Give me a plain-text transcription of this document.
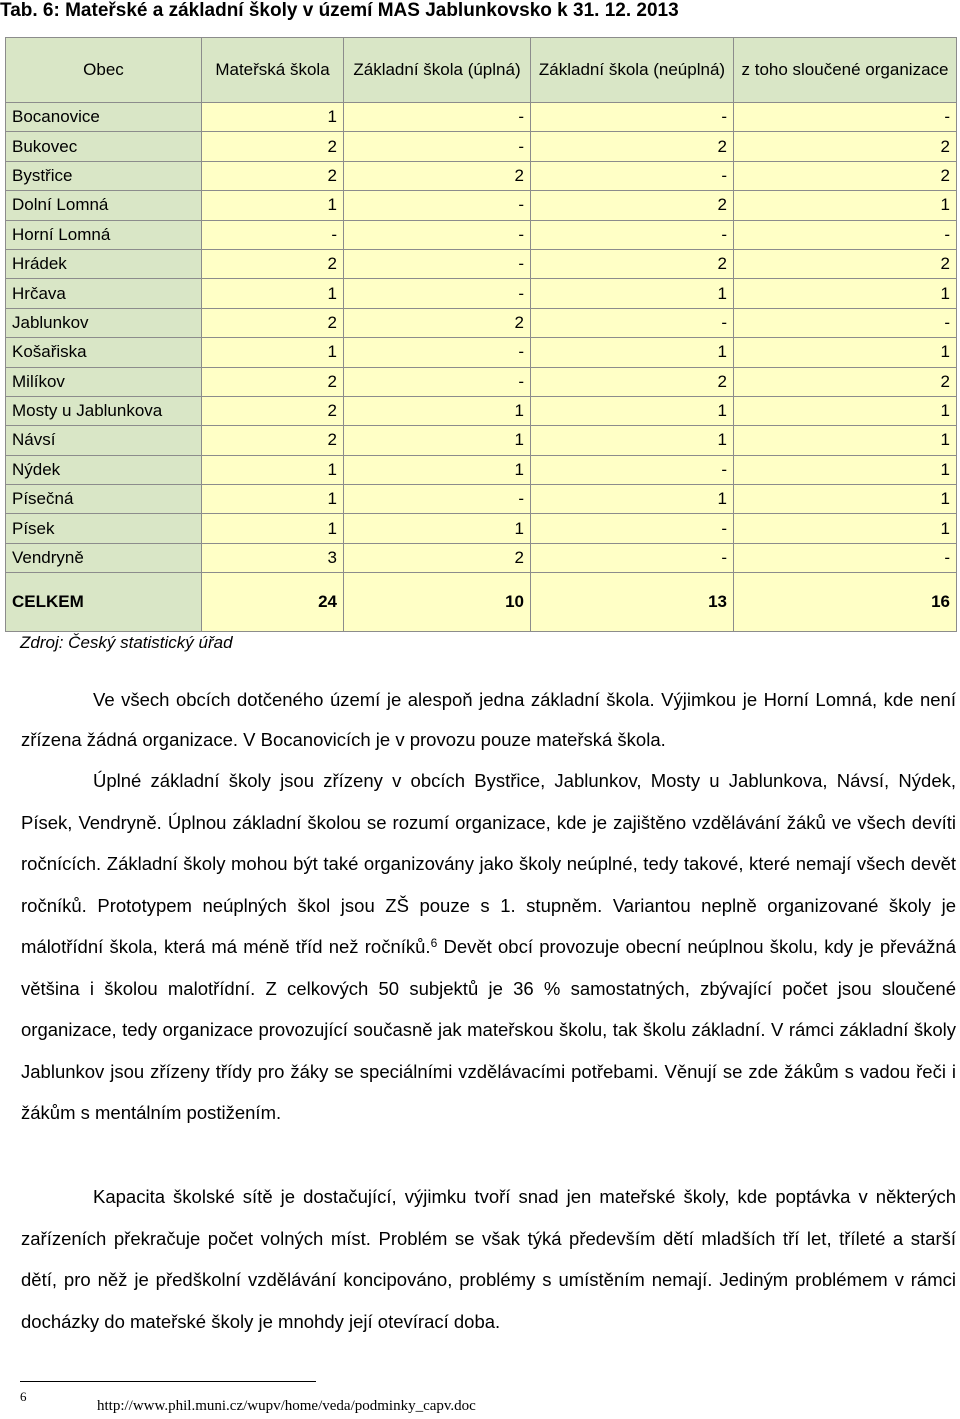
Tab. 6: Mateřské a základní školy v území MAS Jablunkovsko k 31. 12. 2013
Obec	Mateřská škola	Základní škola (úplná)	Základní škola (neúplná)	z toho sloučené organizace
Bocanovice	1	-	-	-
Bukovec	2	-	2	2
Bystřice	2	2	-	2
Dolní Lomná	1	-	2	1
Horní Lomná	-	-	-	-
Hrádek	2	-	2	2
Hrčava	1	-	1	1
Jablunkov	2	2	-	-
Košařiska	1	-	1	1
Milíkov	2	-	2	2
Mosty u Jablunkova	2	1	1	1
Návsí	2	1	1	1
Nýdek	1	1	-	1
Písečná	1	-	1	1
Písek	1	1	-	1
Vendryně	3	2	-	-
CELKEM	24	10	13	16
Zdroj: Český statistický úřad
Ve všech obcích dotčeného území je alespoň jedna základní škola. Výjimkou je Horní Lomná, kde není zřízena žádná organizace. V Bocanovicích je v provozu pouze mateřská škola.
Úplné základní školy jsou zřízeny v obcích Bystřice, Jablunkov, Mosty u Jablunkova, Návsí, Nýdek, Písek, Vendryně. Úplnou základní školou se rozumí organizace, kde je zajištěno vzdělávání žáků ve všech devíti ročnících. Základní školy mohou být také organizovány jako školy neúplné, tedy takové, které nemají všech devět ročníků. Prototypem neúplných škol jsou ZŠ pouze s 1. stupněm. Variantou neplně organizované školy je málotřídní škola, která má méně tříd než ročníků.$^6$ Devět obcí provozuje obecní neúplnou školu, kdy je převážná většina i školou malotřídní. Z celkových 50 subjektů je 36 % samostatných, zbývající počet jsou sloučené organizace, tedy organizace provozující současně jak mateřskou školu, tak školu základní. V rámci základní školy Jablunkov jsou zřízeny třídy pro žáky se speciálními vzdělávacími potřebami. Věnují se zde žákům s vadou řeči i žákům s mentálním postižením.
Kapacita školské sítě je dostačující, výjimku tvoří snad jen mateřské školy, kde poptávka v některých zařízeních překračuje počet volných míst. Problém se však týká především dětí mladších tří let, tříleté a starší dětí, pro něž je předškolní vzdělávání koncipováno, problémy s umístěním nemají. Jediným problémem v rámci docházky do mateřské školy je mnohdy její otevírací doba.
6
http://www.phil.muni.cz/wupv/home/veda/podminky_capv.doc
